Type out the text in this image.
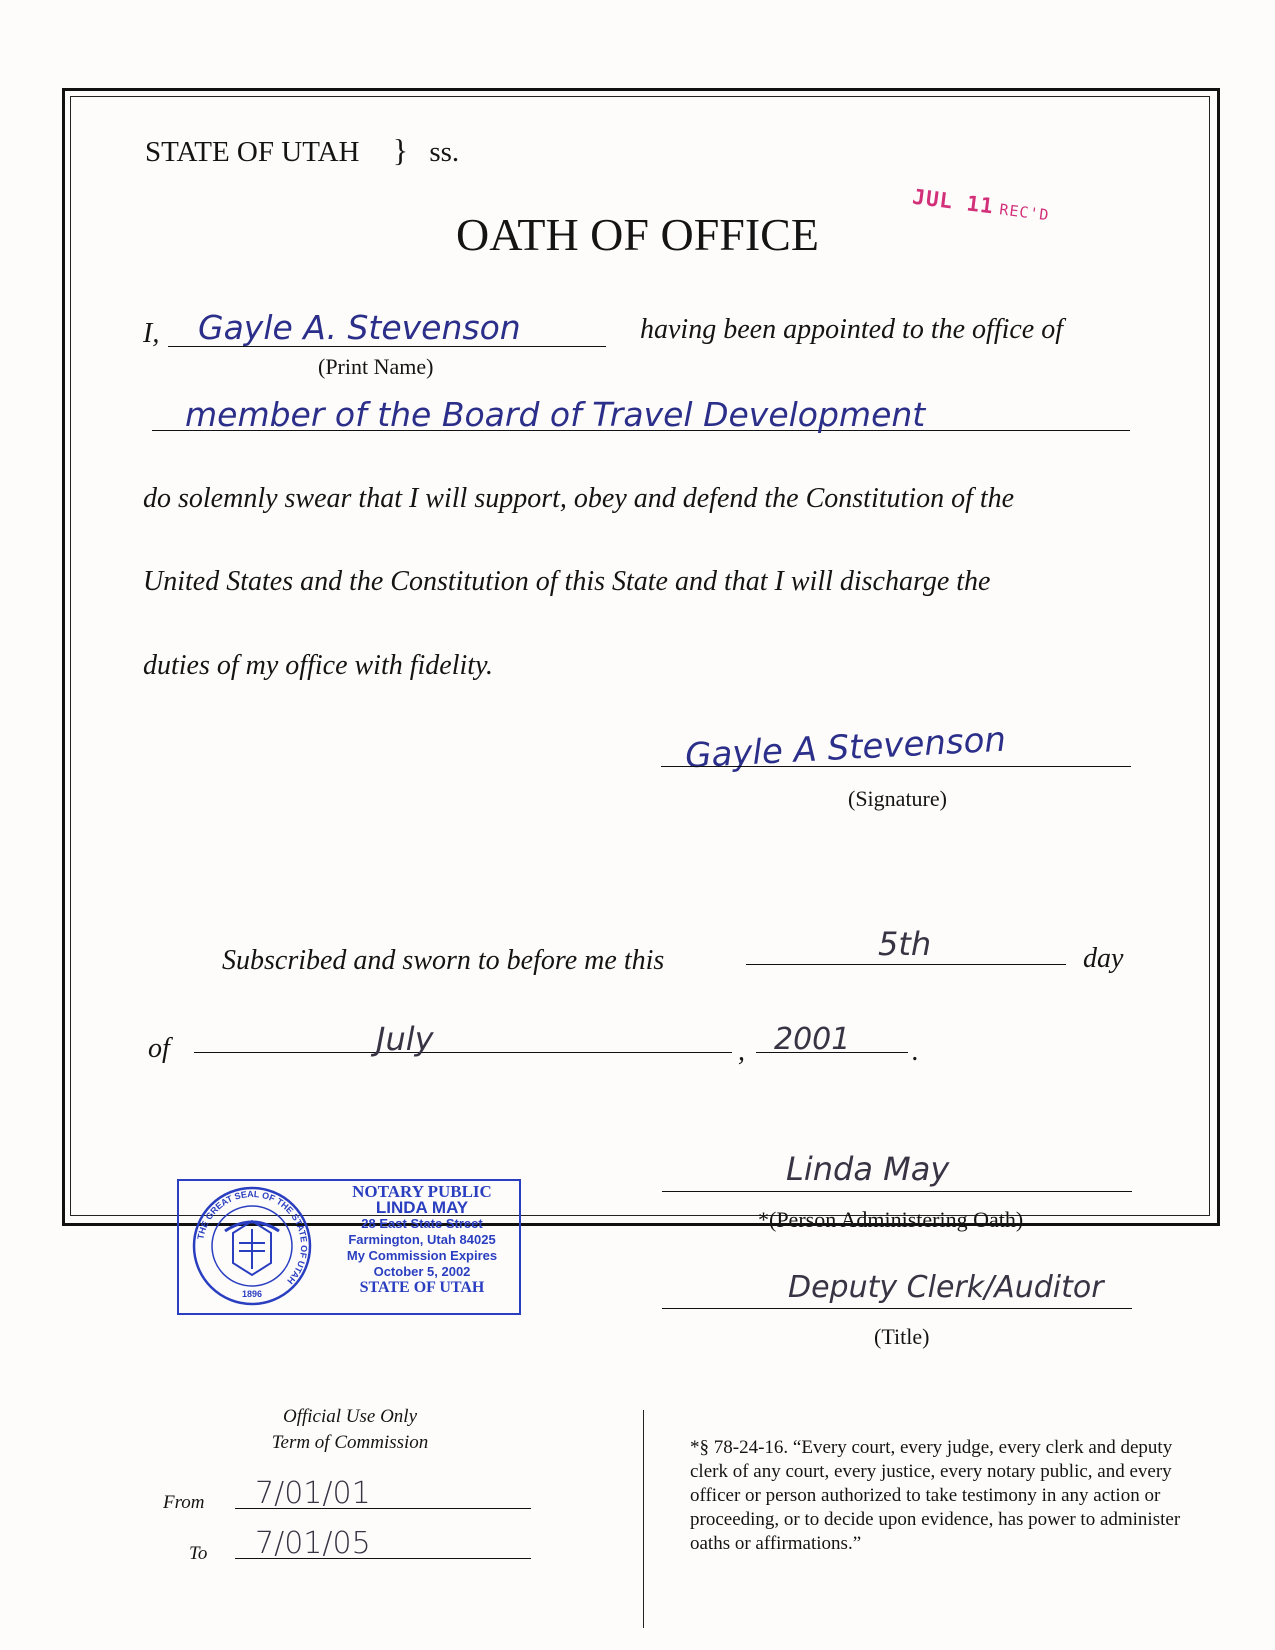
STATE OF UTAH } ss.
JUL 11 REC'D
OATH OF OFFICE
I, Gayle A. Stevenson
(Print Name)
having been appointed to the office of
member of the Board of Travel Development
do solemnly swear that I will support, obey and defend the Constitution of the
United States and the Constitution of this State and that I will discharge the
duties of my office with fidelity.
Gayle A Stevenson
(Signature)
Subscribed and sworn to before me this	5th	day
of	July	, 2001 .
THE GREAT SEAL OF THE STATE OF UTAH
1896
NOTARY PUBLIC
LINDA MAY
28 East State Street
Farmington, Utah 84025
My Commission Expires
October 5, 2002
STATE OF UTAH
Linda May
*(Person Administering Oath)
Deputy Clerk/Auditor
(Title)
Official Use Only
Term of Commission
From 7/01/01
To 7/01/05
*§ 78-24-16. “Every court, every judge, every clerk and deputy clerk of any court, every justice, every notary public, and every officer or person authorized to take testimony in any action or proceeding, or to decide upon evidence, has power to administer oaths or affirmations.”
